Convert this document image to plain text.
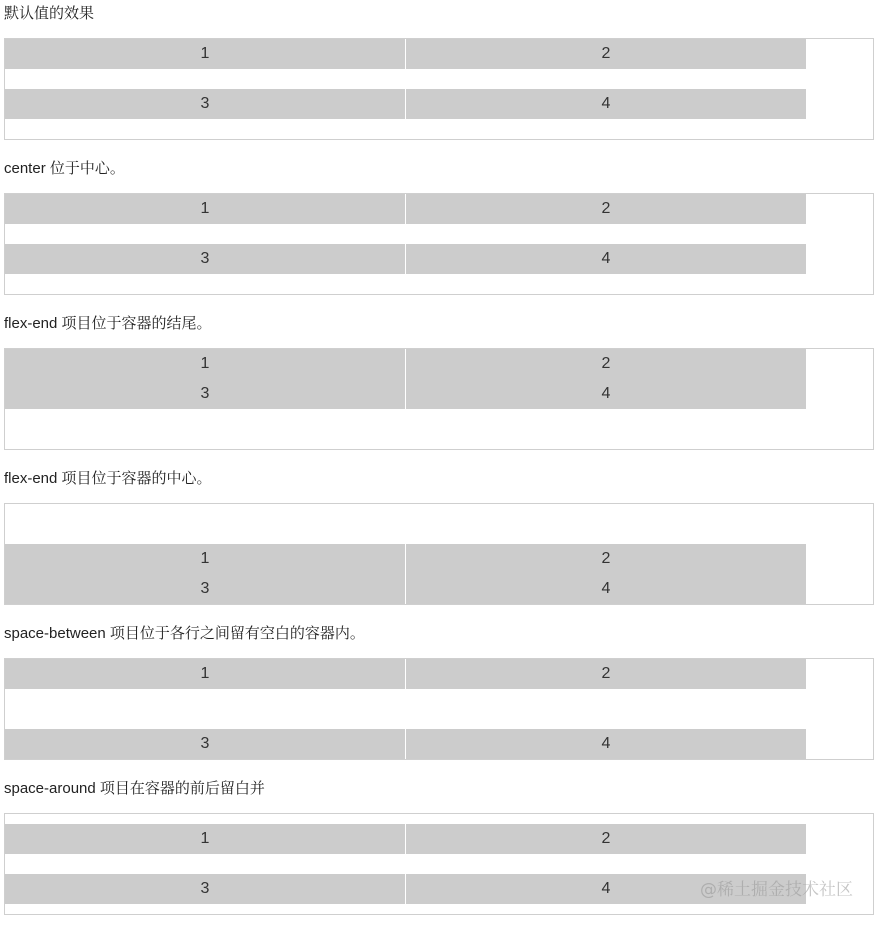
默认值的效果
1	2
3	4
center 位于中心。
1	2
3	4
flex-end 项目位于容器的结尾。
1	2
3	4
flex-end 项目位于容器的中心。
1	2
3	4
space-between 项目位于各行之间留有空白的容器内。
1	2
3	4
space-around 项目在容器的前后留白并
1	2
3	4	@稀土掘金技术社区
